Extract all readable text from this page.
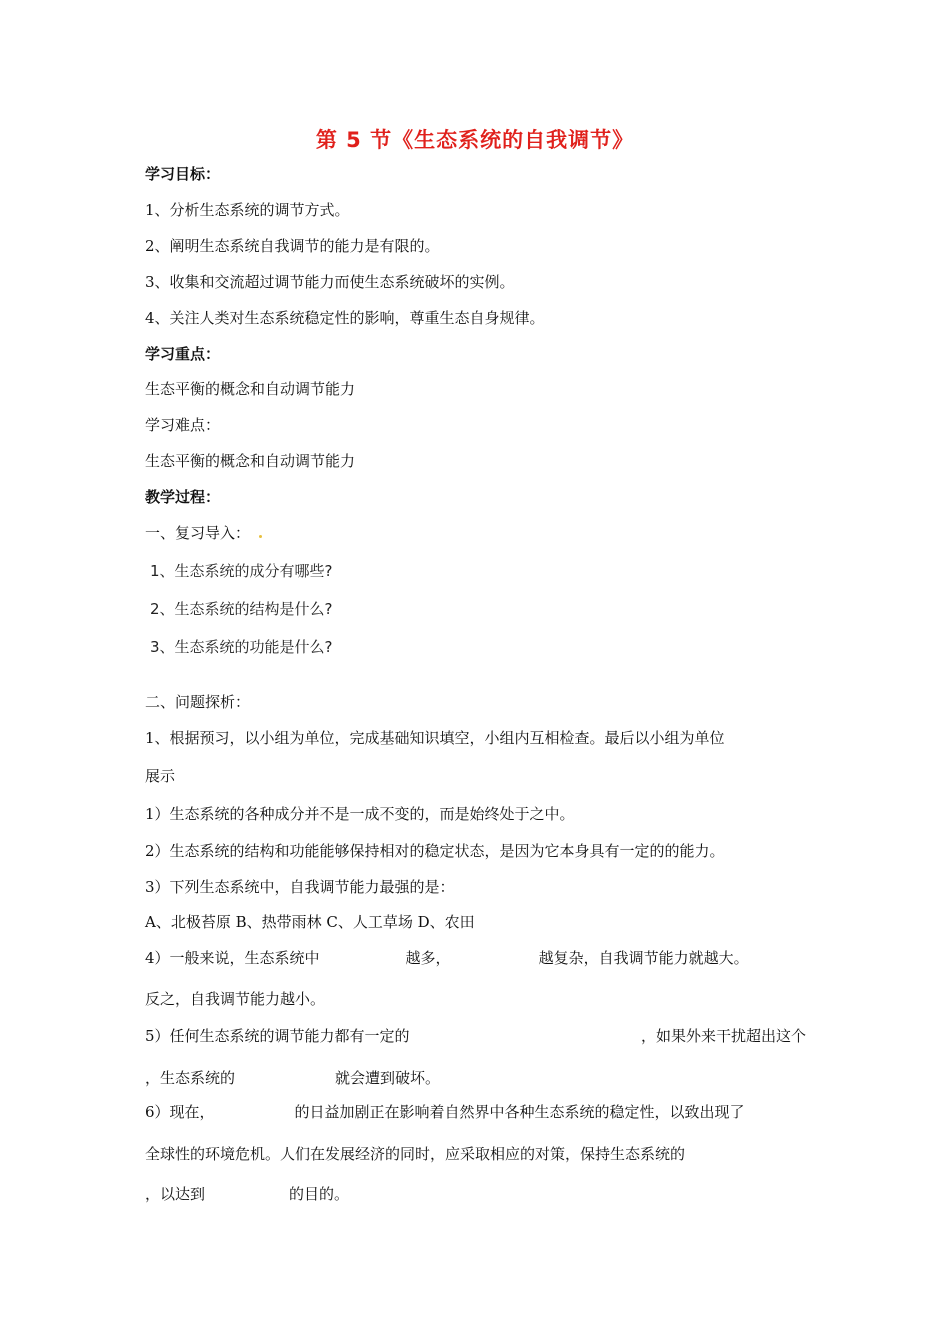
第 5 节《生态系统的自我调节》
学习目标：
1、分析生态系统的调节方式。
2、阐明生态系统自我调节的能力是有限的。
3、收集和交流超过调节能力而使生态系统破坏的实例。
4、关注人类对生态系统稳定性的影响，尊重生态自身规律。
学习重点：
生态平衡的概念和自动调节能力
学习难点：
生态平衡的概念和自动调节能力
教学过程：
一、复习导入：
1、生态系统的成分有哪些?
2、生态系统的结构是什么?
3、生态系统的功能是什么?
二、问题探析：
1、根据预习，以小组为单位，完成基础知识填空，小组内互相检查。最后以小组为单位
展示
1）生态系统的各种成分并不是一成不变的，而是始终处于之中。
2）生态系统的结构和功能能够保持相对的稳定状态，是因为它本身具有一定的的能力。
3）下列生态系统中，自我调节能力最强的是：
A、北极苔原 B、热带雨林 C、人工草场 D、农田
4）一般来说，生态系统中	越多，	越复杂，自我调节能力就越大。
反之，自我调节能力越小。
5）任何生态系统的调节能力都有一定的	，如果外来干扰超出这个
，生态系统的	就会遭到破坏。
6）现在，	的日益加剧正在影响着自然界中各种生态系统的稳定性，以致出现了
全球性的环境危机。人们在发展经济的同时，应采取相应的对策，保持生态系统的
，以达到	的目的。
